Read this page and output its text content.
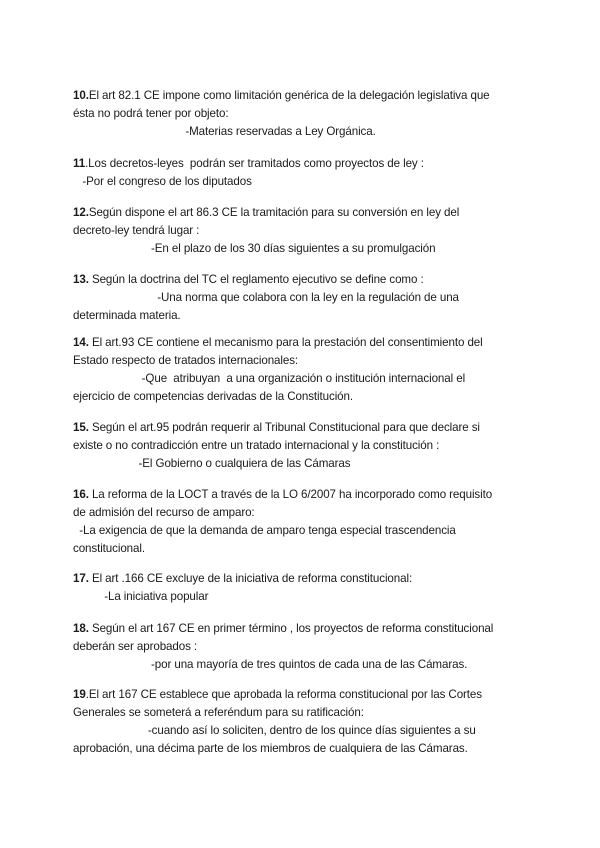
10.El art 82.1 CE impone como limitación genérica de la delegación legislativa que
ésta no podrá tener por objeto:
-Materias reservadas a Ley Orgánica.
11.Los decretos-leyes  podrán ser tramitados como proyectos de ley :
-Por el congreso de los diputados
12.Según dispone el art 86.3 CE la tramitación para su conversión en ley del
decreto-ley tendrá lugar :
-En el plazo de los 30 días siguientes a su promulgación
13. Según la doctrina del TC el reglamento ejecutivo se define como :
-Una norma que colabora con la ley en la regulación de una
determinada materia.
14. El art.93 CE contiene el mecanismo para la prestación del consentimiento del
Estado respecto de tratados internacionales:
-Que  atribuyan  a una organización o institución internacional el
ejercicio de competencias derivadas de la Constitución.
15. Según el art.95 podrán requerir al Tribunal Constitucional para que declare si
existe o no contradicción entre un tratado internacional y la constitución :
-El Gobierno o cualquiera de las Cámaras
16. La reforma de la LOCT a través de la LO 6/2007 ha incorporado como requisito
de admisión del recurso de amparo:
-La exigencia de que la demanda de amparo tenga especial trascendencia
constitucional.
17. El art .166 CE excluye de la iniciativa de reforma constitucional:
-La iniciativa popular
18. Según el art 167 CE en primer término , los proyectos de reforma constitucional
deberán ser aprobados :
-por una mayoría de tres quintos de cada una de las Cámaras.
19.El art 167 CE establece que aprobada la reforma constitucional por las Cortes
Generales se someterá a referéndum para su ratificación:
-cuando así lo soliciten, dentro de los quince días siguientes a su
aprobación, una décima parte de los miembros de cualquiera de las Cámaras.
